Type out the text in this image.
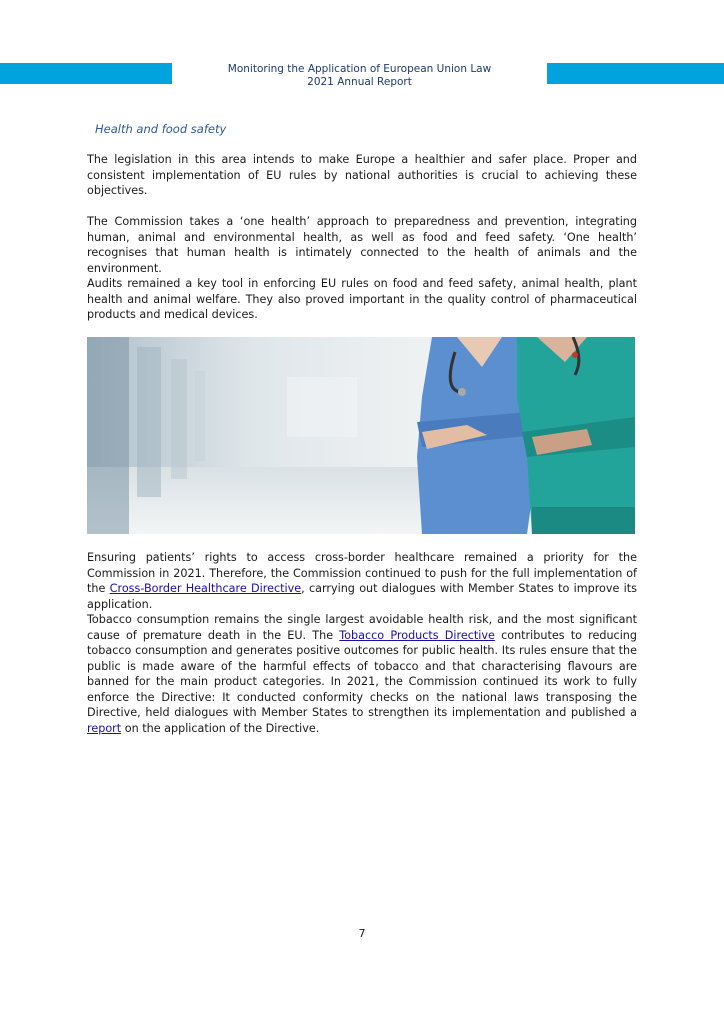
Monitoring the Application of European Union Law
2021 Annual Report
Health and food safety

The legislation in this area intends to make Europe a healthier and safer place. Proper and consistent implementation of EU rules by national authorities is crucial to achieving these objectives.

The Commission takes a ‘one health’ approach to preparedness and prevention, integrating human, animal and environmental health, as well as food and feed safety. ‘One health’ recognises that human health is intimately connected to the health of animals and the environment.

Audits remained a key tool in enforcing EU rules on food and feed safety, animal health, plant health and animal welfare. They also proved important in the quality control of pharmaceutical products and medical devices.

Ensuring patients’ rights to access cross-border healthcare remained a priority for the Commission in 2021. Therefore, the Commission continued to push for the full implementation of the Cross-Border Healthcare Directive, carrying out dialogues with Member States to improve its application.

Tobacco consumption remains the single largest avoidable health risk, and the most significant cause of premature death in the EU. The Tobacco Products Directive contributes to reducing tobacco consumption and generates positive outcomes for public health. Its rules ensure that the public is made aware of the harmful effects of tobacco and that characterising flavours are banned for the main product categories. In 2021, the Commission continued its work to fully enforce the Directive: It conducted conformity checks on the national laws transposing the Directive, held dialogues with Member States to strengthen its implementation and published a report on the application of the Directive.

7
